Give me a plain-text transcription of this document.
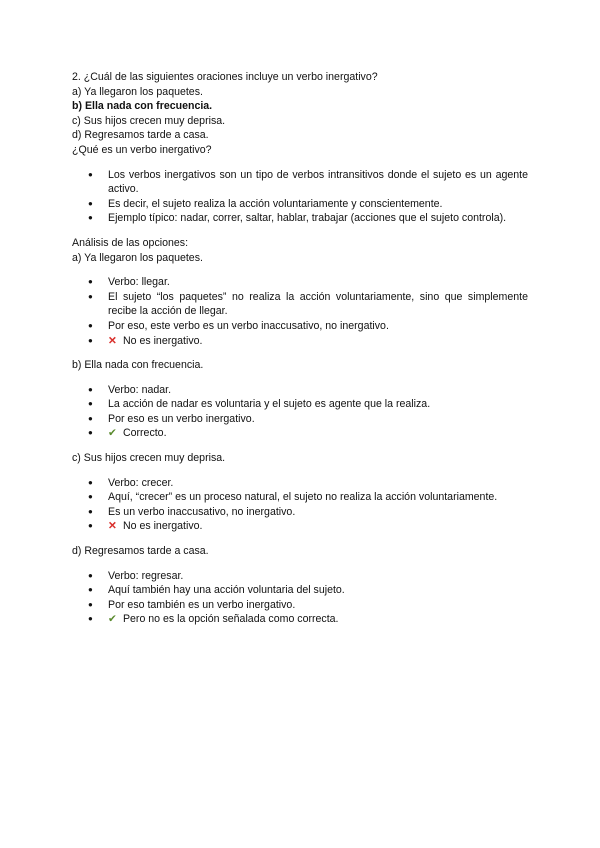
2. ¿Cuál de las siguientes oraciones incluye un verbo inergativo?

a) Ya llegaron los paquetes.

b) Ella nada con frecuencia.

c) Sus hijos crecen muy deprisa.

d) Regresamos tarde a casa.

¿Qué es un verbo inergativo?

● Los verbos inergativos son un tipo de verbos intransitivos donde el sujeto es un agente activo.
● Es decir, el sujeto realiza la acción voluntariamente y conscientemente.
● Ejemplo típico: nadar, correr, saltar, hablar, trabajar (acciones que el sujeto controla).

Análisis de las opciones:

a) Ya llegaron los paquetes.

● Verbo: llegar.
● El sujeto “los paquetes” no realiza la acción voluntariamente, sino que simplemente recibe la acción de llegar.
● Por eso, este verbo es un verbo inaccusativo, no inergativo.
● ✕ No es inergativo.

b) Ella nada con frecuencia.

● Verbo: nadar.
● La acción de nadar es voluntaria y el sujeto es agente que la realiza.
● Por eso es un verbo inergativo.
● ✔ Correcto.

c) Sus hijos crecen muy deprisa.

● Verbo: crecer.
● Aquí, “crecer” es un proceso natural, el sujeto no realiza la acción voluntariamente.
● Es un verbo inaccusativo, no inergativo.
● ✕ No es inergativo.

d) Regresamos tarde a casa.

● Verbo: regresar.
● Aquí también hay una acción voluntaria del sujeto.
● Por eso también es un verbo inergativo.
● ✔ Pero no es la opción señalada como correcta.
